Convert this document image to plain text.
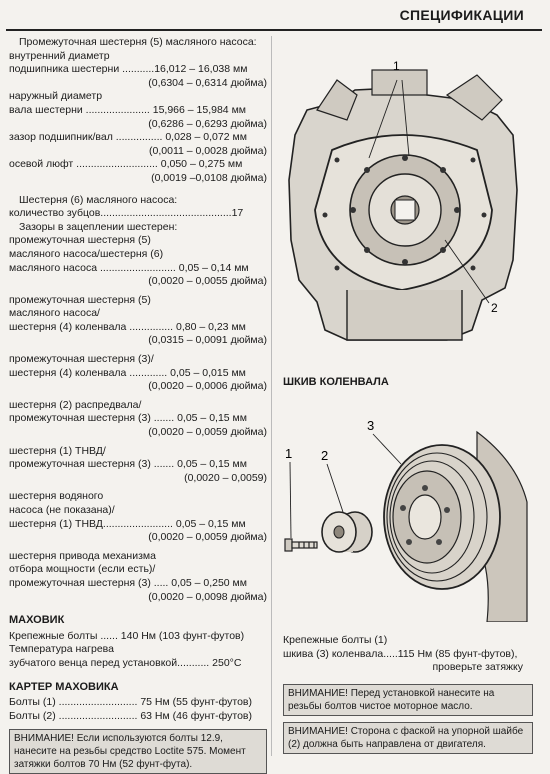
СПЕЦИФИКАЦИИ
Промежуточная шестерня (5) масляного насоса:
внутренний диаметр
подшипника шестерни ...........16,012 – 16,038 мм
(0,6304 – 0,6314 дюйма)
наружный диаметр
вала шестерни ...................... 15,966 – 15,984 мм
(0,6286 – 0,6293 дюйма)
зазор подшипник/вал ................ 0,028 – 0,072 мм
(0,0011 – 0,0028 дюйма)
осевой люфт ............................ 0,050 – 0,275 мм
(0,0019 –0,0108 дюйма)
Шестерня (6) масляного насоса:
количество зубцов.............................................17
Зазоры в зацеплении шестерен:
промежуточная шестерня (5)
масляного насоса/шестерня (6)
масляного насоса .......................... 0,05 – 0,14 мм
(0,0020 – 0,0055 дюйма)
промежуточная шестерня (5)
масляного насоса/
шестерня (4) коленвала ............... 0,80 – 0,23 мм
(0,0315 – 0,0091 дюйма)
промежуточная шестерня (3)/
шестерня (4) коленвала ............. 0,05 – 0,015 мм
(0,0020 – 0,0006 дюйма)
шестерня (2) распредвала/
промежуточная шестерня (3) ....... 0,05 – 0,15 мм
(0,0020 – 0,0059 дюйма)
шестерня (1) ТНВД/
промежуточная шестерня (3) ....... 0,05 – 0,15 мм
(0,0020 – 0,0059)
шестерня водяного
насоса (не показана)/
шестерня (1) ТНВД........................ 0,05 – 0,15 мм
(0,0020 – 0,0059 дюйма)
шестерня привода механизма
отбора мощности (если есть)/
промежуточная шестерня (3) ..... 0,05 – 0,250 мм
(0,0020 – 0,0098 дюйма)
МАХОВИК
Крепежные болты ...... 140 Нм (103 фунт-футов)
Температура нагрева
зубчатого венца перед установкой........... 250°C
КАРТЕР МАХОВИКА
Болты (1) ........................... 75 Нм (55 фунт-футов)
Болты (2) ........................... 63 Нм (46 фунт-футов)
ВНИМАНИЕ! Если используются болты 12.9, нанесите на резьбы средство Loctite 575. Момент затяжки болтов 70 Нм (52 фунт-фута).
1
2
ШКИВ КОЛЕНВАЛА
1 2
3
Крепежные болты (1)
шкива (3) коленвала.....115 Нм (85 фунт-футов),
проверьте затяжку
ВНИМАНИЕ! Перед установкой нанесите на резьбы болтов чистое моторное масло.
ВНИМАНИЕ! Сторона с фаской на упорной шайбе (2) должна быть направлена от двигателя.
